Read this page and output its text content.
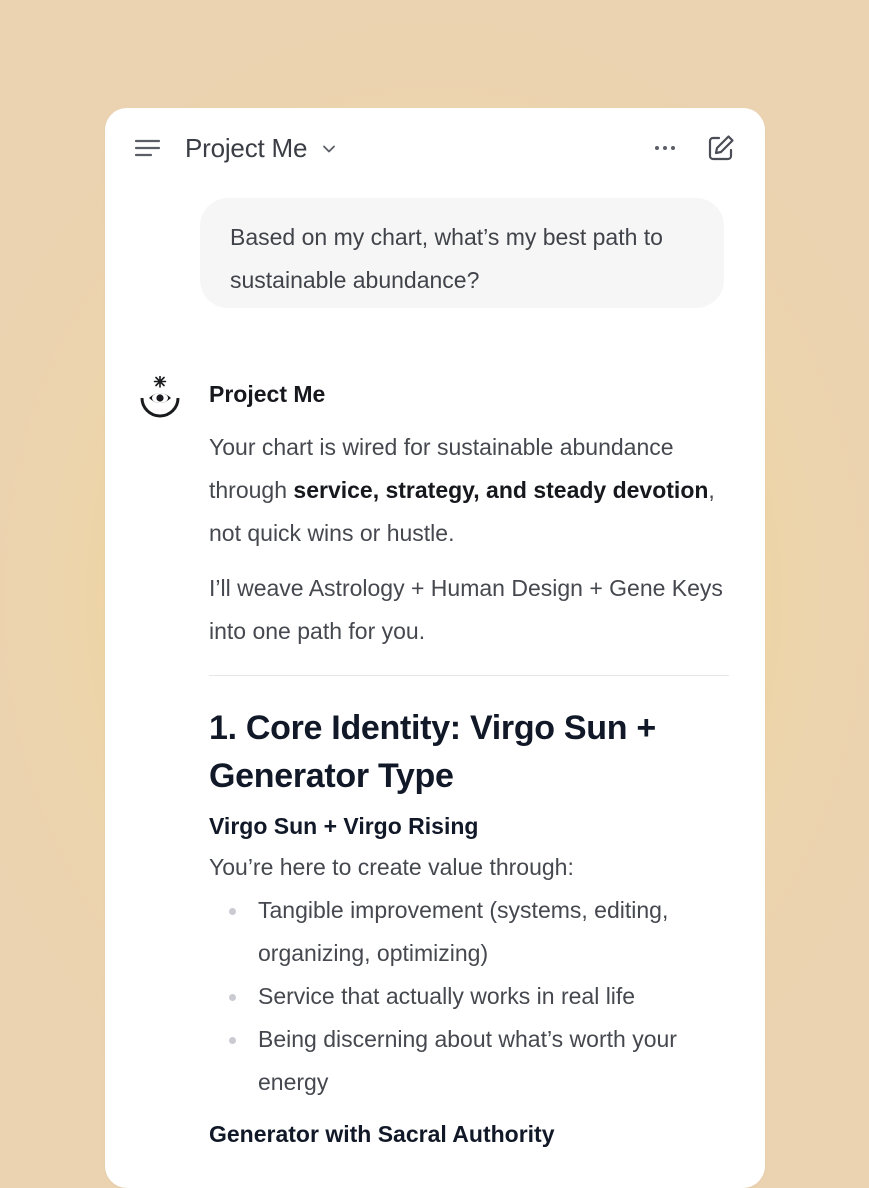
Project Me
Based on my chart, what’s my best path to sustainable abundance?

Project Me

Your chart is wired for sustainable abundance through service, strategy, and steady devotion, not quick wins or hustle.

I’ll weave Astrology + Human Design + Gene Keys into one path for you.

1. Core Identity: Virgo Sun + Generator Type
Virgo Sun + Virgo Rising

You’re here to create value through:

Tangible improvement (systems, editing, organizing, optimizing)
Service that actually works in real life
Being discerning about what’s worth your energy
Generator with Sacral Authority
